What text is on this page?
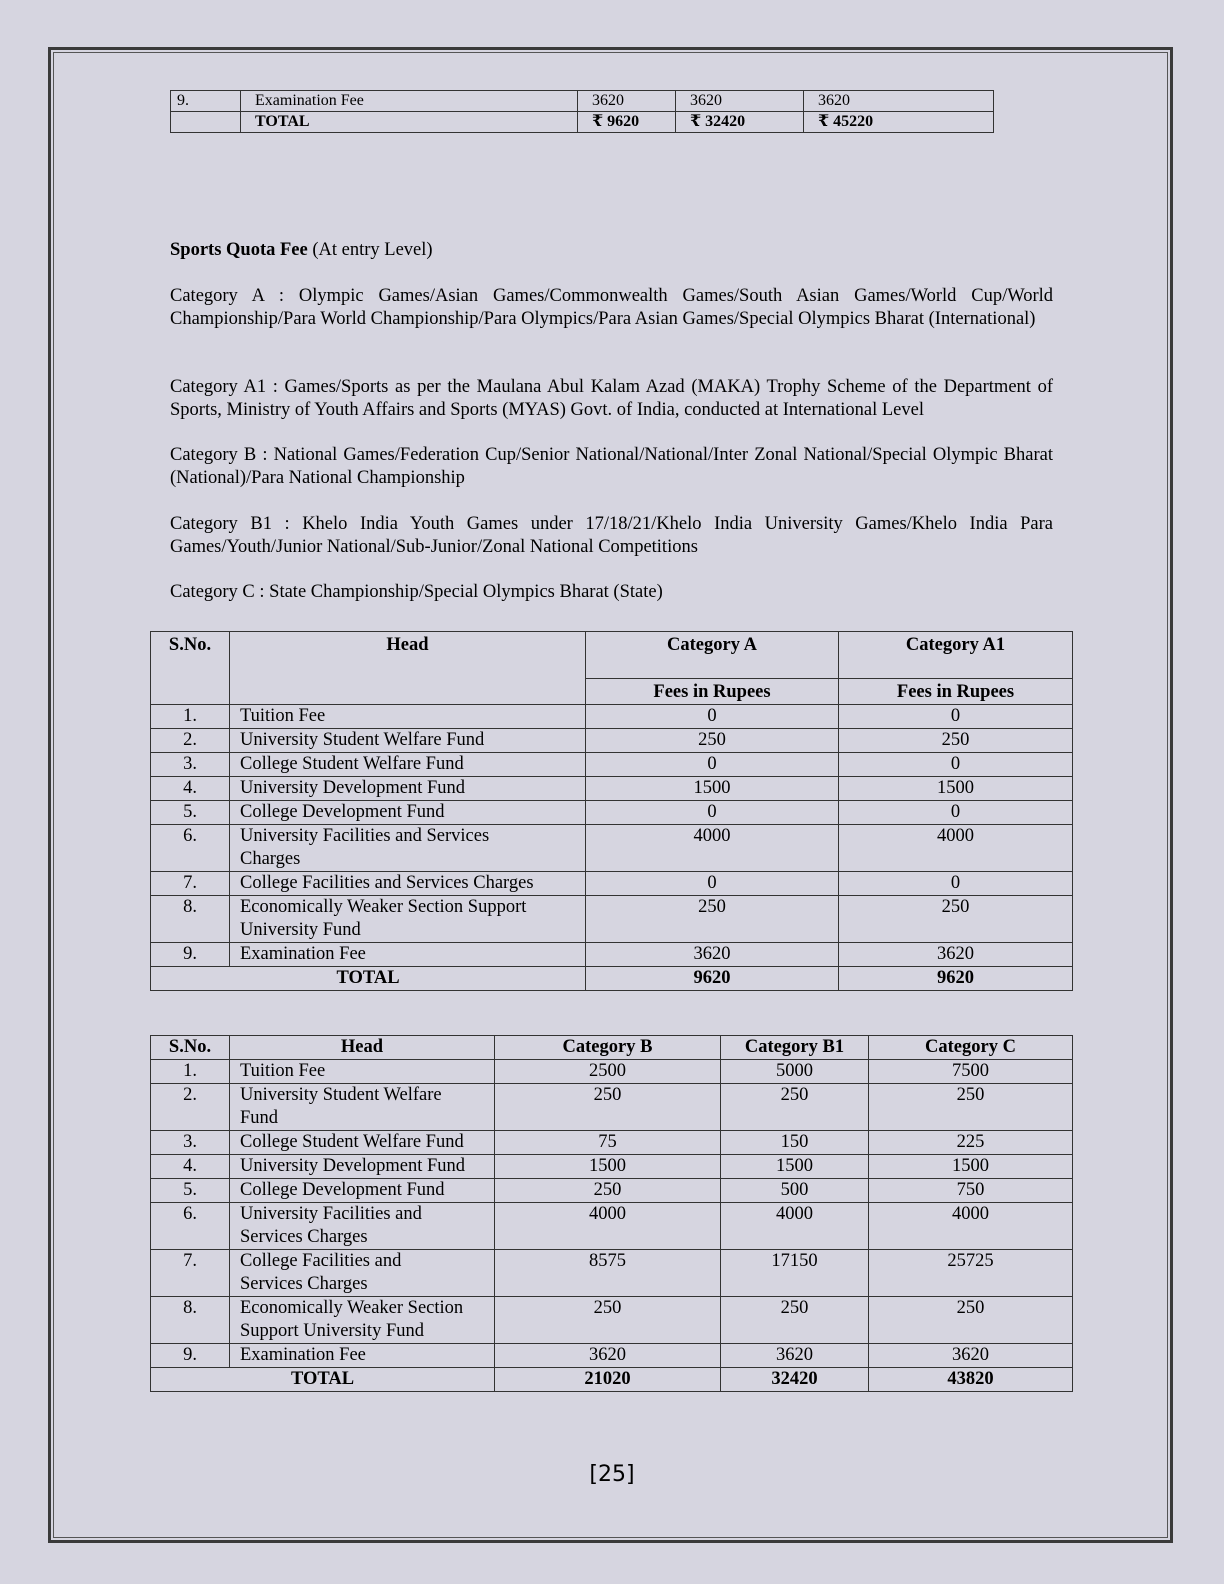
9.	Examination Fee	3620	3620	3620
	TOTAL	₹ 9620	₹ 32420	₹ 45220

Sports Quota Fee (At entry Level)

Category A : Olympic Games/Asian Games/Commonwealth Games/South Asian Games/World Cup/World Championship/Para World Championship/Para Olympics/Para Asian Games/Special Olympics Bharat (International)

Category A1 : Games/Sports as per the Maulana Abul Kalam Azad (MAKA) Trophy Scheme of the Department of Sports, Ministry of Youth Affairs and Sports (MYAS) Govt. of India, conducted at International Level

Category B : National Games/Federation Cup/Senior National/National/Inter Zonal National/Special Olympic Bharat (National)/Para National Championship

Category B1 : Khelo India Youth Games under 17/18/21/Khelo India University Games/Khelo India Para Games/Youth/Junior National/Sub-Junior/Zonal National Competitions

Category C : State Championship/Special Olympics Bharat (State)

S.No.	Head	Category A	Category A1
		Fees in Rupees	Fees in Rupees
1.	Tuition Fee	0	0
2.	University Student Welfare Fund	250	250
3.	College Student Welfare Fund	0	0
4.	University Development Fund	1500	1500
5.	College Development Fund	0	0
6.	University Facilities and Services Charges	4000	4000
7.	College Facilities and Services Charges	0	0
8.	Economically Weaker Section Support University Fund	250	250
9.	Examination Fee	3620	3620
TOTAL		9620	9620
S.No.	Head	Category B	Category B1	Category C
1.	Tuition Fee	2500	5000	7500
2.	University Student Welfare Fund	250	250	250
3.	College Student Welfare Fund	75	150	225
4.	University Development Fund	1500	1500	1500
5.	College Development Fund	250	500	750
6.	University Facilities and Services Charges	4000	4000	4000
7.	College Facilities and Services Charges	8575	17150	25725
8.	Economically Weaker Section Support University Fund	250	250	250
9.	Examination Fee	3620	3620	3620
TOTAL		21020	32420	43820
[25]
